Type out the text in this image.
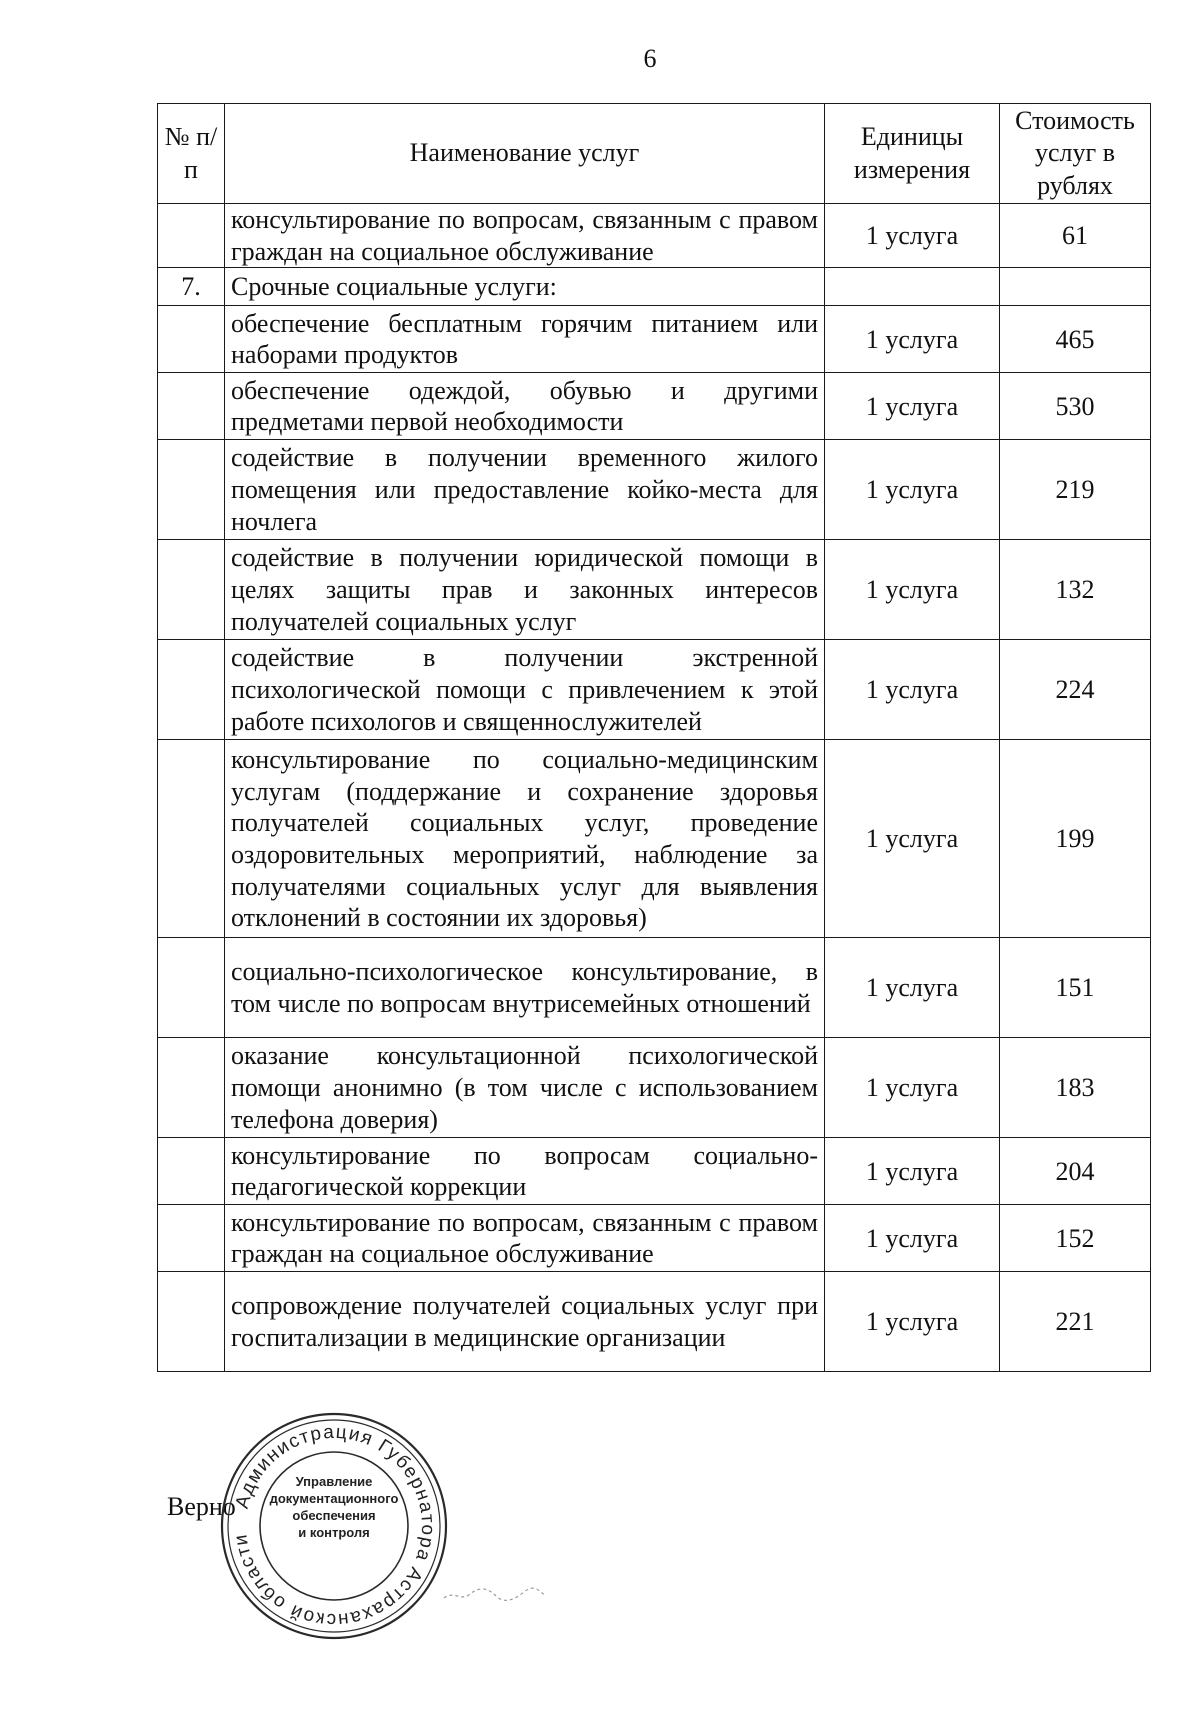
6
№ п/п	Наименование услуг	Единицы измерения	Стоимость услуг в рублях

	консультирование по вопросам, связанным с правом граждан на социальное обслуживание	1 услуга	61
7.	Срочные социальные услуги:		

	обеспечение бесплатным горячим питанием или наборами продуктов	1 услуга	465

	обеспечение одеждой, обувью и другими предметами первой необходимости	1 услуга	530

	содействие в получении временного жилого помещения или предоставление койко-места для ночлега	1 услуга	219

	содействие в получении юридической помощи в целях защиты прав и законных интересов получателей социальных услуг	1 услуга	132

	содействие в получении экстренной психологической помощи с привлечением к этой работе психологов и священнослужителей	1 услуга	224

	консультирование по социально-медицинским услугам (поддержание и сохранение здоровья получателей социальных услуг, проведение оздоровительных мероприятий, наблюдение за получателями социальных услуг для выявления отклонений в состоянии их здоровья)	1 услуга	199

	социально-психологическое консультирование, в том числе по вопросам внутрисемейных отношений	1 услуга	151

	оказание консультационной психологической помощи анонимно (в том числе с использованием телефона доверия)	1 услуга	183

	консультирование по вопросам социально-педагогической коррекции	1 услуга	204

	консультирование по вопросам, связанным с правом граждан на социальное обслуживание	1 услуга	152

	сопровождение получателей социальных услуг при госпитализации в медицинские организации	1 услуга	221
Верно
Администрация Губернатора Астраханской области
Управление
документационного
обеспечения
и контроля
